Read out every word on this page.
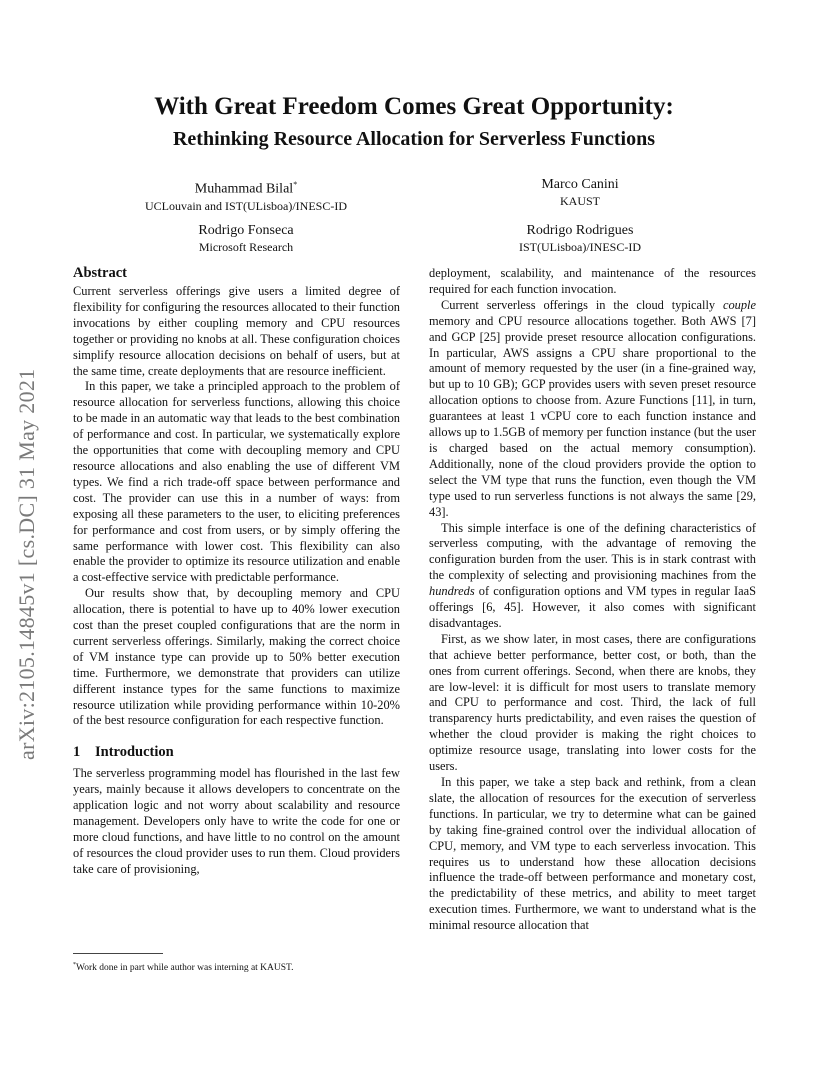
arXiv:2105.14845v1 [cs.DC] 31 May 2021
With Great Freedom Comes Great Opportunity:
Rethinking Resource Allocation for Serverless Functions
Muhammad Bilal*
UCLouvain and IST(ULisboa)/INESC-ID
Marco Canini
KAUST
Rodrigo Fonseca
Microsoft Research
Rodrigo Rodrigues
IST(ULisboa)/INESC-ID
Abstract

Current serverless offerings give users a limited degree of flexibility for configuring the resources allocated to their function invocations by either coupling memory and CPU resources together or providing no knobs at all. These configuration choices simplify resource allocation decisions on behalf of users, but at the same time, create deployments that are resource inefficient.

In this paper, we take a principled approach to the problem of resource allocation for serverless functions, allowing this choice to be made in an automatic way that leads to the best combination of performance and cost. In particular, we systematically explore the opportunities that come with decoupling memory and CPU resource allocations and also enabling the use of different VM types. We find a rich trade-off space between performance and cost. The provider can use this in a number of ways: from exposing all these parameters to the user, to eliciting preferences for performance and cost from users, or by simply offering the same performance with lower cost. This flexibility can also enable the provider to optimize its resource utilization and enable a cost-effective service with predictable performance.

Our results show that, by decoupling memory and CPU allocation, there is potential to have up to 40% lower execution cost than the preset coupled configurations that are the norm in current serverless offerings. Similarly, making the correct choice of VM instance type can provide up to 50% better execution time. Furthermore, we demonstrate that providers can utilize different instance types for the same functions to maximize resource utilization while providing performance within 10-20% of the best resource configuration for each respective function.

1 Introduction

The serverless programming model has flourished in the last few years, mainly because it allows developers to concentrate on the application logic and not worry about scalability and resource management. Developers only have to write the code for one or more cloud functions, and have little to no control on the amount of resources the cloud provider uses to run them. Cloud providers take care of provisioning,

deployment, scalability, and maintenance of the resources required for each function invocation.

Current serverless offerings in the cloud typically couple memory and CPU resource allocations together. Both AWS [7] and GCP [25] provide preset resource allocation configurations. In particular, AWS assigns a CPU share proportional to the amount of memory requested by the user (in a fine-grained way, but up to 10 GB); GCP provides users with seven preset resource allocation options to choose from. Azure Functions [11], in turn, guarantees at least 1 vCPU core to each function instance and allows up to 1.5GB of memory per function instance (but the user is charged based on the actual memory consumption). Additionally, none of the cloud providers provide the option to select the VM type that runs the function, even though the VM type used to run serverless functions is not always the same [29, 43].

This simple interface is one of the defining characteristics of serverless computing, with the advantage of removing the configuration burden from the user. This is in stark contrast with the complexity of selecting and provisioning machines from the hundreds of configuration options and VM types in regular IaaS offerings [6, 45]. However, it also comes with significant disadvantages.

First, as we show later, in most cases, there are configurations that achieve better performance, better cost, or both, than the ones from current offerings. Second, when there are knobs, they are low-level: it is difficult for most users to translate memory and CPU to performance and cost. Third, the lack of full transparency hurts predictability, and even raises the question of whether the cloud provider is making the right choices to optimize resource usage, translating into lower costs for the users.

In this paper, we take a step back and rethink, from a clean slate, the allocation of resources for the execution of serverless functions. In particular, we try to determine what can be gained by taking fine-grained control over the individual allocation of CPU, memory, and VM type to each serverless invocation. This requires us to understand how these allocation decisions influence the trade-off between performance and monetary cost, the predictability of these metrics, and ability to meet target execution times. Furthermore, we want to understand what is the minimal resource allocation that

*Work done in part while author was interning at KAUST.
